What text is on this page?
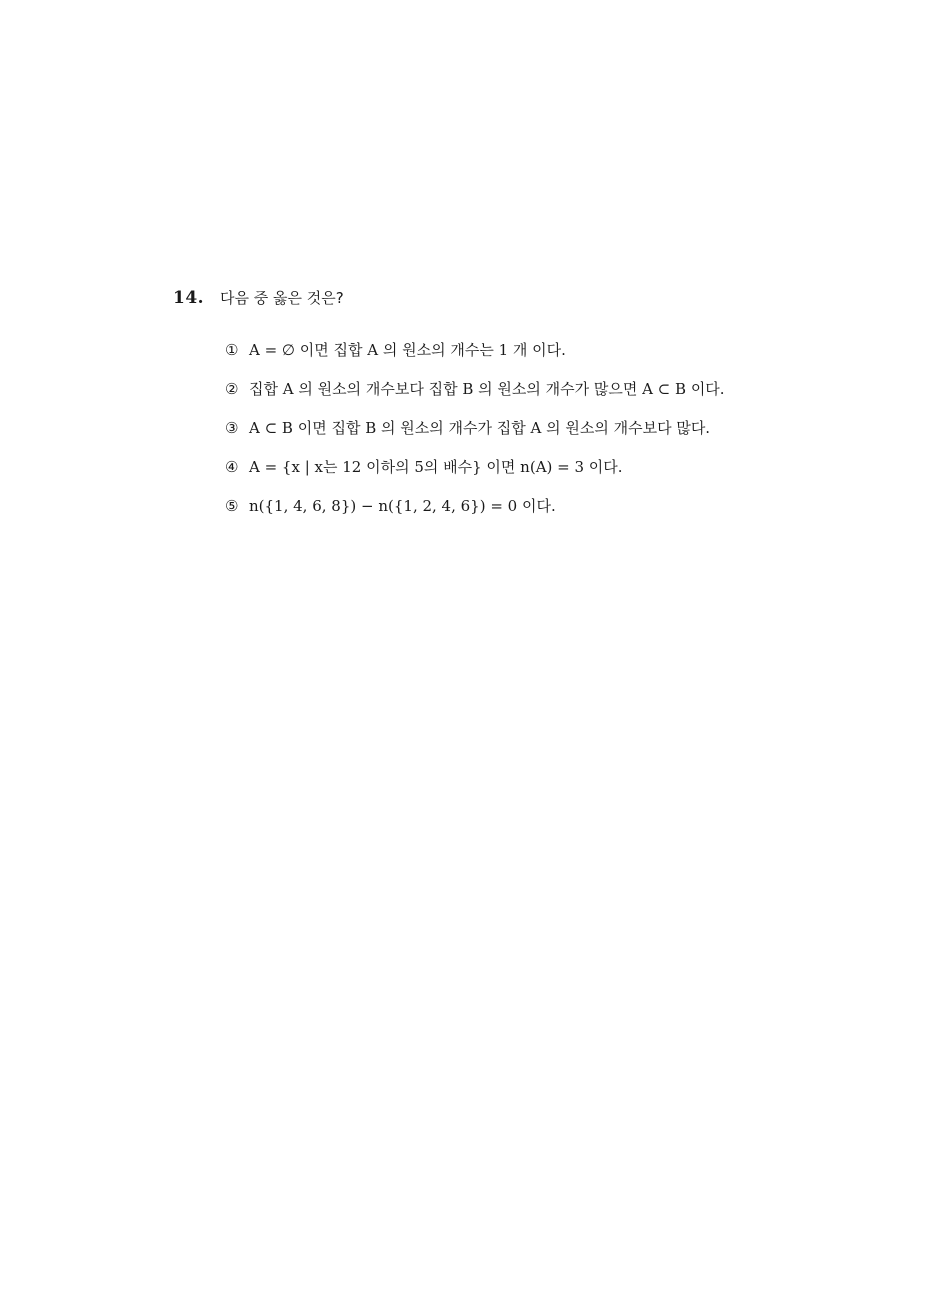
14.	다음 중 옳은 것은?
① A = ∅ 이면 집합 A 의 원소의 개수는 1 개 이다.
② 집합 A 의 원소의 개수보다 집합 B 의 원소의 개수가 많으면 A ⊂ B 이다.
③ A ⊂ B 이면 집합 B 의 원소의 개수가 집합 A 의 원소의 개수보다 많다.
④ A = {x | x는 12 이하의 5의 배수} 이면 n(A) = 3 이다.
⑤ n({1, 4, 6, 8}) − n({1, 2, 4, 6}) = 0 이다.
